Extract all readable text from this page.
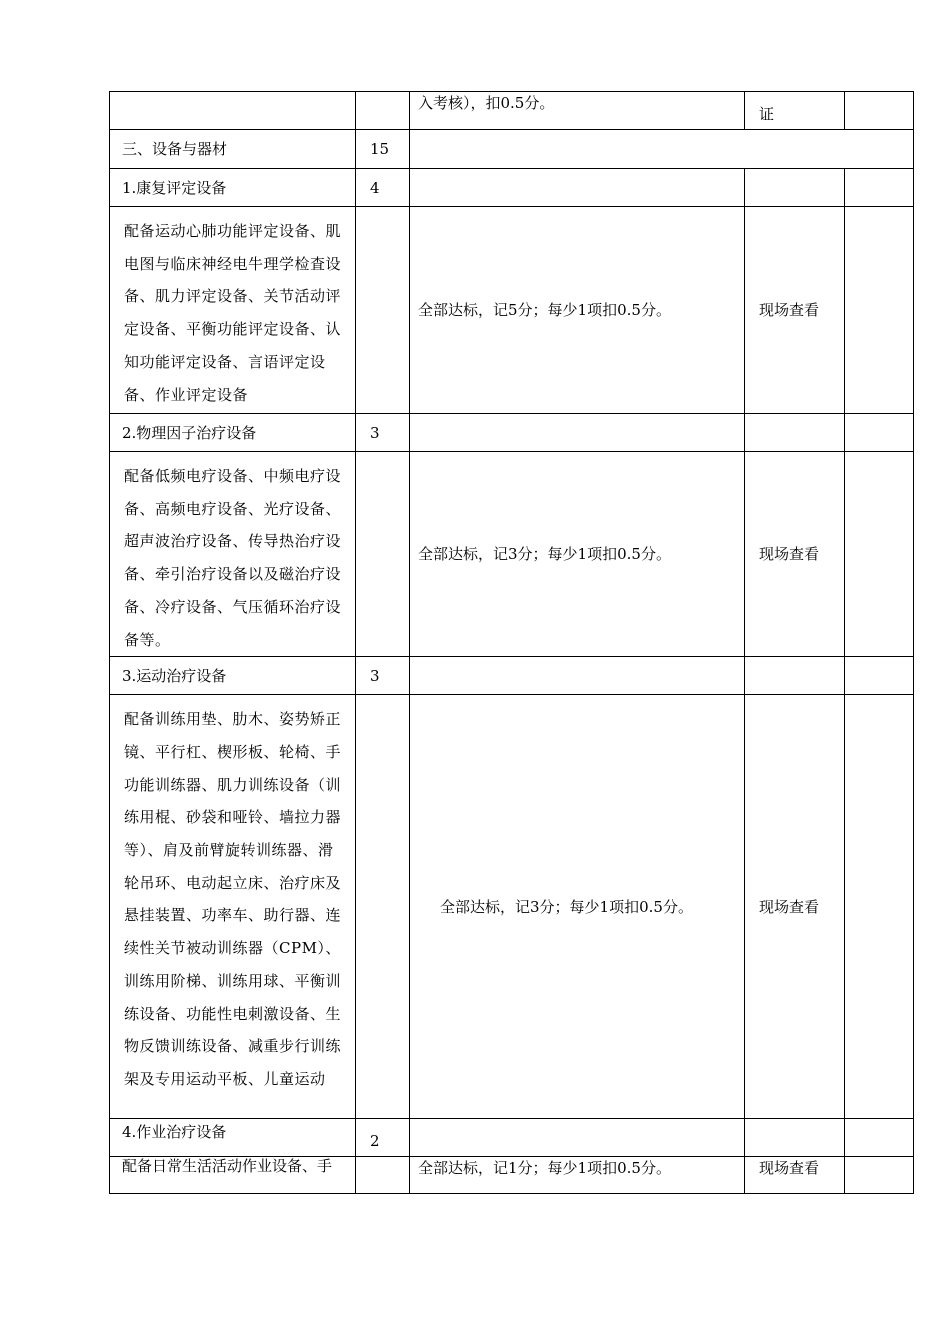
		入考核），扣0.5分。	证	
三、设备与器材	15			
1.康复评定设备	4			
配备运动心肺功能评定设备、肌电图与临床神经电牛理学检査设备、肌力评定设备、关节活动评定设备、平衡功能评定设备、认知功能评定设备、言语评定设备、作业评定设备		全部达标，记5分；每少1项扣0.5分。	现场查看	
2.物理因子治疗设备	3			
配备低频电疗设备、中频电疗设备、高频电疗设备、光疗设备、超声波治疗设备、传导热治疗设备、牵引治疗设备以及磁治疗设备、冷疗设备、气压循环治疗设备等。		全部达标，记3分；每少1项扣0.5分。	现场查看	
3.运动治疗设备	3			
配备训练用垫、肋木、姿势矫正镜、平行杠、楔形板、轮椅、手功能训练器、肌力训练设备（训练用棍、砂袋和哑铃、墙拉力器等）、肩及前臂旋转训练器、滑轮吊环、电动起立床、治疗床及悬挂装置、功率车、助行器、连续性关节被动训练器（CPM）、训练用阶梯、训练用球、平衡训练设备、功能性电刺激设备、生物反馈训练设备、减重步行训练架及专用运动平板、儿童运动		全部达标，记3分；每少1项扣0.5分。	现场查看	
4.作业治疗设备	2			
配备日常生活活动作业设备、手		全部达标，记1分；每少1项扣0.5分。	现场查看	
